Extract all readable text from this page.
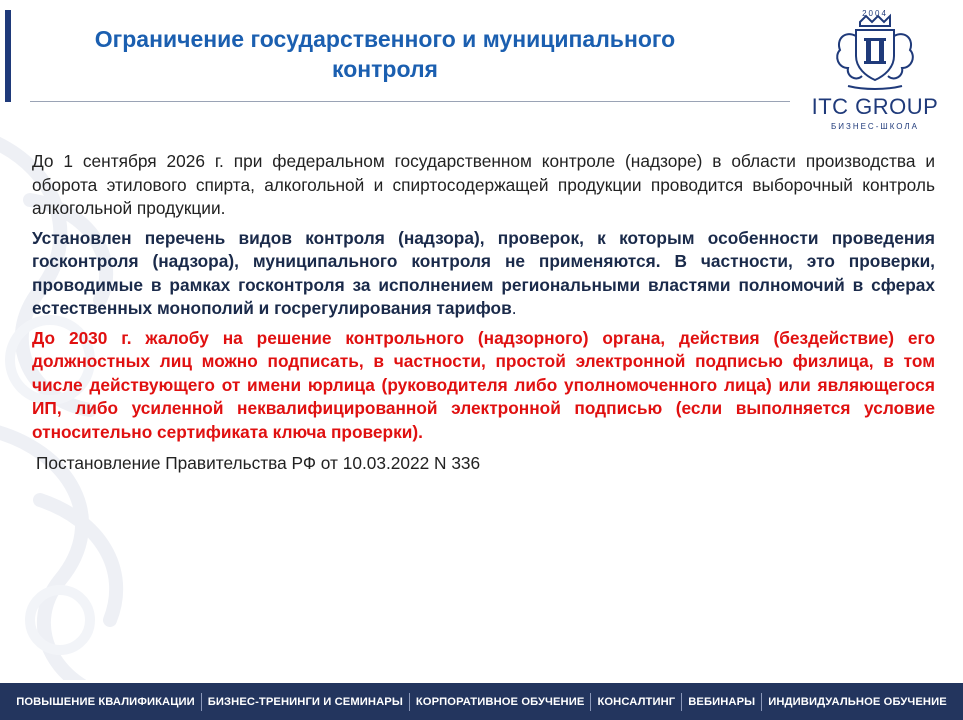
Ограничение государственного и муниципального
контроля
2004
ITC GROUP
БИЗНЕС-ШКОЛА

До 1 сентября 2026 г. при федеральном государственном контроле (надзоре) в области производства и оборота этилового спирта, алкогольной и спиртосодержащей продукции проводится выборочный контроль алкогольной продукции.

Установлен перечень видов контроля (надзора), проверок, к которым особенности проведения госконтроля (надзора), муниципального контроля не применяются. В частности, это проверки, проводимые в рамках госконтроля за исполнением региональными властями полномочий в сферах естественных монополий и госрегулирования тарифов.

До 2030 г. жалобу на решение контрольного (надзорного) органа, действия (бездействие) его должностных лиц можно подписать, в частности, простой электронной подписью физлица, в том числе действующего от имени юрлица (руководителя либо уполномоченного лица) или являющегося ИП, либо усиленной неквалифицированной электронной подписью (если выполняется условие относительно сертификата ключа проверки).

Постановление Правительства РФ от 10.03.2022 N 336

ПОВЫШЕНИЕ КВАЛИФИКАЦИИ	БИЗНЕС-ТРЕНИНГИ И СЕМИНАРЫ	КОРПОРАТИВНОЕ ОБУЧЕНИЕ	КОНСАЛТИНГ	ВЕБИНАРЫ	ИНДИВИДУАЛЬНОЕ ОБУЧЕНИЕ
